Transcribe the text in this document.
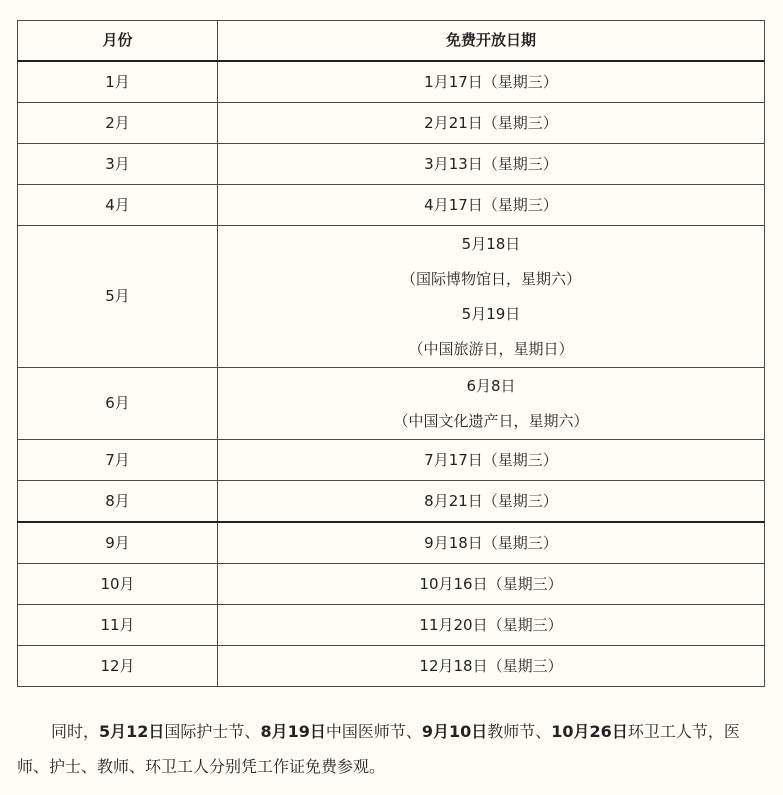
月份	免费开放日期
1月	1月17日（星期三）

2月	2月21日（星期三）

3月	3月13日（星期三）

4月	4月17日（星期三）

5月	5月18日
（国际博物馆日，星期六）
5月19日
（中国旅游日，星期日）

6月	6月8日
（中国文化遗产日，星期六）

7月	7月17日（星期三）

8月	8月21日（星期三）

9月	9月18日（星期三）

10月	10月16日（星期三）

11月	11月20日（星期三）

12月	12月18日（星期三）

同时，5月12日国际护士节、8月19日中国医师节、9月10日教师节、10月26日环卫工人节，医师、护士、教师、环卫工人分别凭工作证免费参观。
